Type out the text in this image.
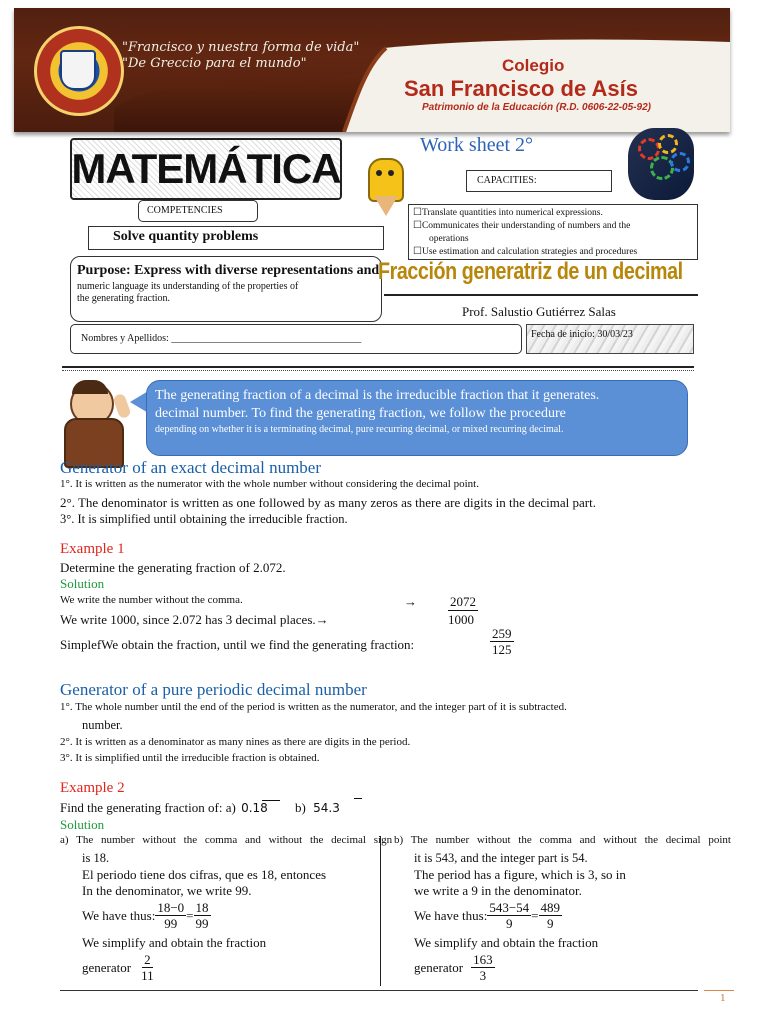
"Francisco y nuestra forma de vida"
"De Greccio para el mundo"	Colegio
San Francisco de Asís
Patrimonio de la Educación (R.D. 0606-22-05-92)
MATEMÁTICA	Work sheet 2°
CAPACITIES:
COMPETENCIES
Solve quantity problems
☐ Translate quantities into numerical expressions.
☐ Communicates their understanding of numbers and the
operations
☐ Use estimation and calculation strategies and procedures
Purpose: Express with diverse representations and
numeric language its understanding of the properties of
the generating fraction.
Fracción generatriz de un decimal
Prof. Salustio Gutiérrez Salas
Nombres y Apellidos: ______________________________________	Fecha de inicio: 30/03/23
The generating fraction of a decimal is the irreducible fraction that it generates.
decimal number. To find the generating fraction, we follow the procedure
depending on whether it is a terminating decimal, pure recurring decimal, or mixed recurring decimal.
Generator of an exact decimal number
1°. It is written as the numerator with the whole number without considering the decimal point.
2°. The denominator is written as one followed by as many zeros as there are digits in the decimal part.
3°. It is simplified until obtaining the irreducible fraction.
Example 1
Determine the generating fraction of 2.072.
Solution
We write the number without the comma.	→	2072
We write 1000, since 2.072 has 3 decimal places.→	1000
SimplefWe obtain the fraction, until we find the generating fraction:	$\frac{259}{125}$
Generator of a pure periodic decimal number
1°. The whole number until the end of the period is written as the numerator, and the integer part of it is subtracted.
number.
2°. It is written as a denominator as many nines as there are digits in the period.
3°. It is simplified until the irreducible fraction is obtained.
Example 2
Find the generating fraction of: a) 0.18 b) 54.3
Solution
a) The number without the comma and without the decimal sign
is 18.
El periodo tiene dos cifras, que es 18, entonces
In the denominator, we write 99.
We have thus: $\frac{18-0}{99} = \frac{18}{99}$
We simplify and obtain the fraction
generator $\frac{2}{11}$
b) The number without the comma and without the decimal point
it is 543, and the integer part is 54.
The period has a figure, which is 3, so in
we write a 9 in the denominator.
We have thus: $\frac{543-54}{9} = \frac{489}{9}$
We simplify and obtain the fraction
generator $\frac{163}{3}$
1
